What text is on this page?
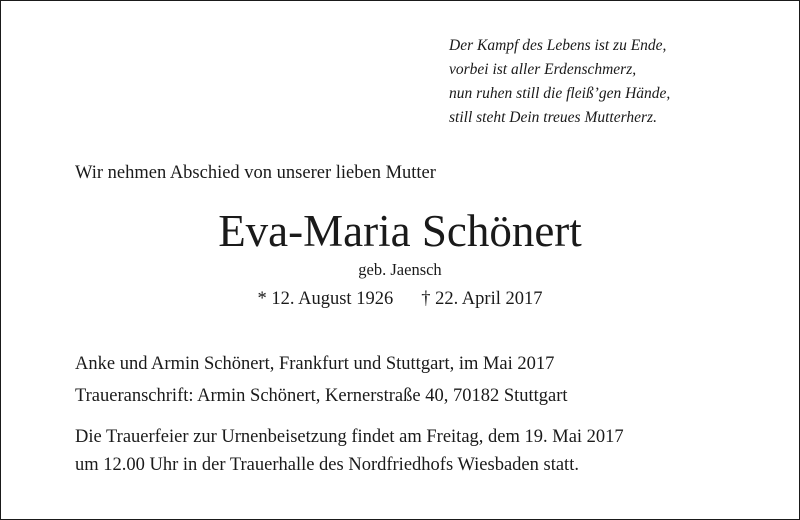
Der Kampf des Lebens ist zu Ende,
vorbei ist aller Erdenschmerz,
nun ruhen still die fleiß’gen Hände,
still steht Dein treues Mutterherz.
Wir nehmen Abschied von unserer lieben Mutter
Eva-Maria Schönert
geb. Jaensch
* 12. August 1926 † 22. April 2017
Anke und Armin Schönert, Frankfurt und Stuttgart, im Mai 2017
Traueranschrift: Armin Schönert, Kernerstraße 40, 70182 Stuttgart
Die Trauerfeier zur Urnenbeisetzung findet am Freitag, dem 19. Mai 2017
um 12.00 Uhr in der Trauerhalle des Nordfriedhofs Wiesbaden statt.
